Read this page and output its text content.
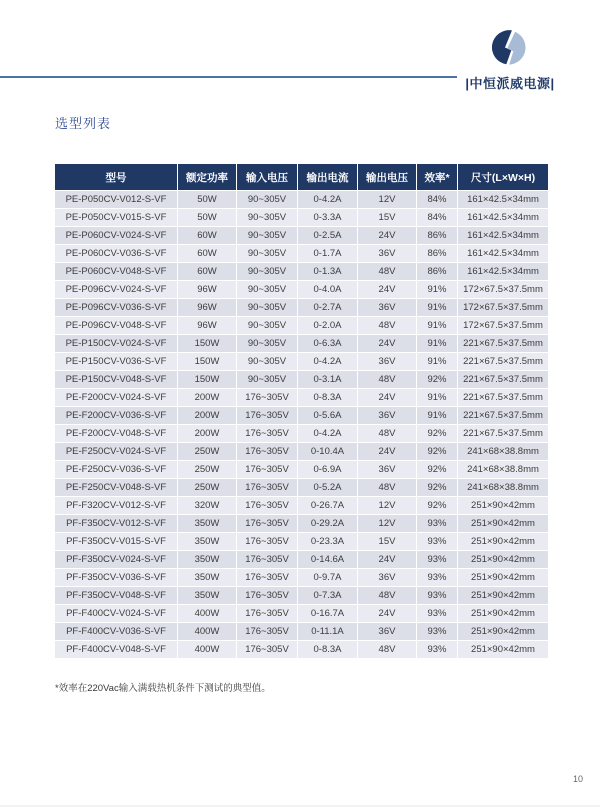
|中恒派威电源|
选型列表
型号	额定功率	输入电压	输出电流	输出电压	效率*	尺寸(L×W×H)
PE-P050CV-V012-S-VF	50W	90~305V	0-4.2A	12V	84%	161×42.5×34mm
PE-P050CV-V015-S-VF	50W	90~305V	0-3.3A	15V	84%	161×42.5×34mm
PE-P060CV-V024-S-VF	60W	90~305V	0-2.5A	24V	86%	161×42.5×34mm
PE-P060CV-V036-S-VF	60W	90~305V	0-1.7A	36V	86%	161×42.5×34mm
PE-P060CV-V048-S-VF	60W	90~305V	0-1.3A	48V	86%	161×42.5×34mm
PE-P096CV-V024-S-VF	96W	90~305V	0-4.0A	24V	91%	172×67.5×37.5mm
PE-P096CV-V036-S-VF	96W	90~305V	0-2.7A	36V	91%	172×67.5×37.5mm
PE-P096CV-V048-S-VF	96W	90~305V	0-2.0A	48V	91%	172×67.5×37.5mm
PE-P150CV-V024-S-VF	150W	90~305V	0-6.3A	24V	91%	221×67.5×37.5mm
PE-P150CV-V036-S-VF	150W	90~305V	0-4.2A	36V	91%	221×67.5×37.5mm
PE-P150CV-V048-S-VF	150W	90~305V	0-3.1A	48V	92%	221×67.5×37.5mm
PE-F200CV-V024-S-VF	200W	176~305V	0-8.3A	24V	91%	221×67.5×37.5mm
PE-F200CV-V036-S-VF	200W	176~305V	0-5.6A	36V	91%	221×67.5×37.5mm
PE-F200CV-V048-S-VF	200W	176~305V	0-4.2A	48V	92%	221×67.5×37.5mm
PE-F250CV-V024-S-VF	250W	176~305V	0-10.4A	24V	92%	241×68×38.8mm
PE-F250CV-V036-S-VF	250W	176~305V	0-6.9A	36V	92%	241×68×38.8mm
PE-F250CV-V048-S-VF	250W	176~305V	0-5.2A	48V	92%	241×68×38.8mm
PF-F320CV-V012-S-VF	320W	176~305V	0-26.7A	12V	92%	251×90×42mm
PF-F350CV-V012-S-VF	350W	176~305V	0-29.2A	12V	93%	251×90×42mm
PF-F350CV-V015-S-VF	350W	176~305V	0-23.3A	15V	93%	251×90×42mm
PF-F350CV-V024-S-VF	350W	176~305V	0-14.6A	24V	93%	251×90×42mm
PF-F350CV-V036-S-VF	350W	176~305V	0-9.7A	36V	93%	251×90×42mm
PF-F350CV-V048-S-VF	350W	176~305V	0-7.3A	48V	93%	251×90×42mm
PF-F400CV-V024-S-VF	400W	176~305V	0-16.7A	24V	93%	251×90×42mm
PF-F400CV-V036-S-VF	400W	176~305V	0-11.1A	36V	93%	251×90×42mm
PF-F400CV-V048-S-VF	400W	176~305V	0-8.3A	48V	93%	251×90×42mm
*效率在220Vac输入满载热机条件下测试的典型值。
10
